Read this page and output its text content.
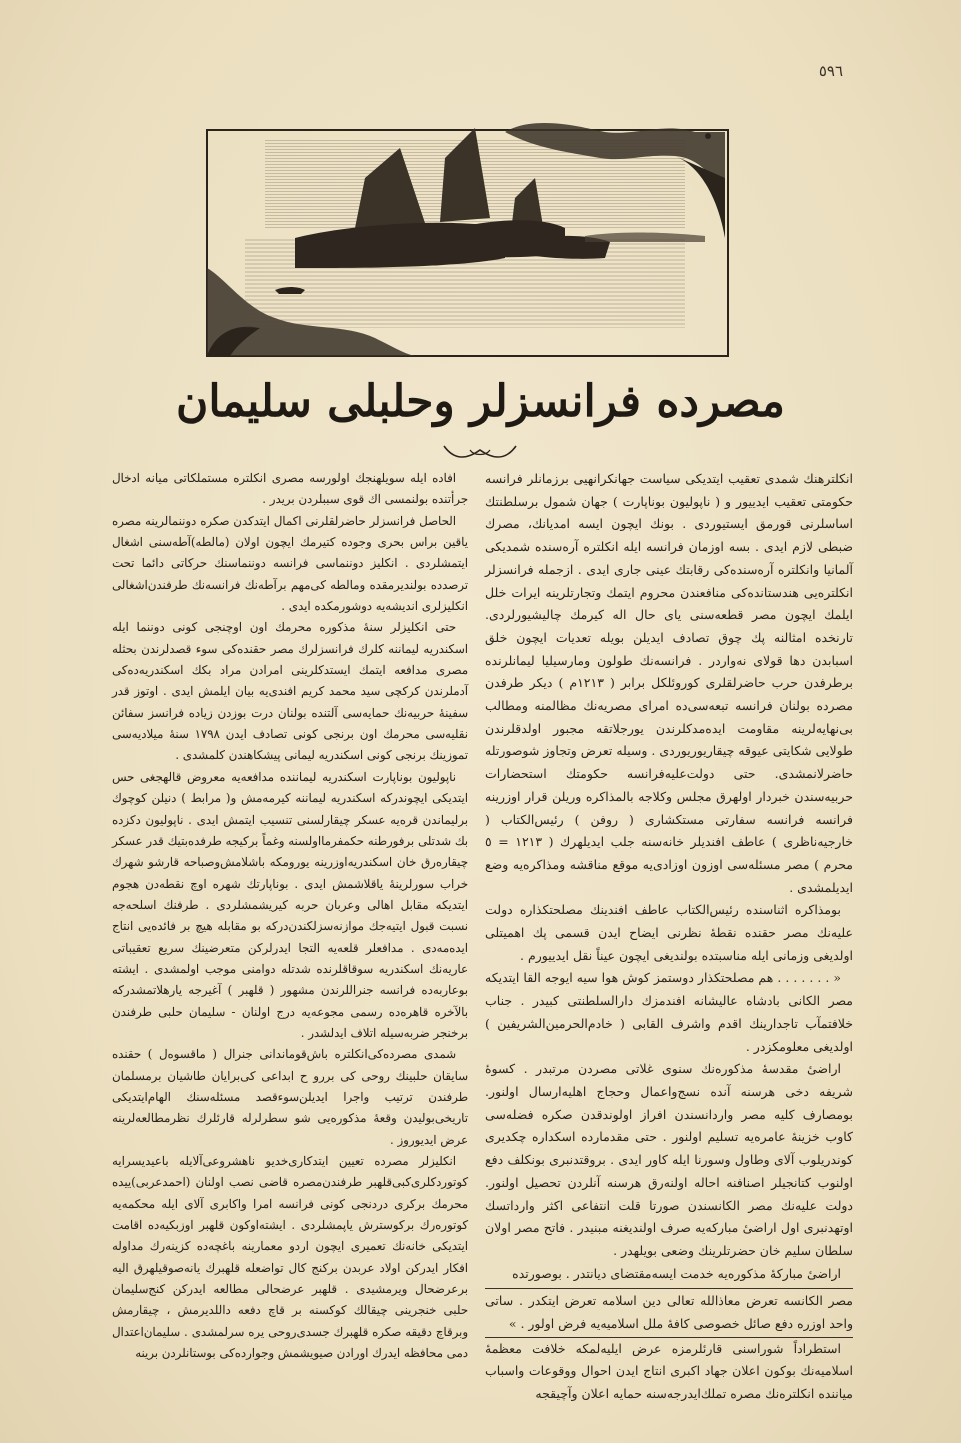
٥٩٦
مصرده فرانسزلر وحلبلی سلیمان

انکلترهنك شمدی تعقیب ایتدیکی سیاست جهانکرانهیی برزمانلر فرانسه حکومتی تعقیب ایدییور و ( ناپولیون بوناپارت ) جهان شمول برسلطنتك اساسلرنی قورمق ایستیوردی . بونك ایچون ایسه امدیانك، مصرك ضبطی لازم ایدی . بسه اوزمان فرانسه ایله انکلتره آره‌سنده شمدیکی آلمانیا وانکلتره آره‌سنده‌کی رقابتك عینی جاری ایدی . ازجمله فرانسزلر انکلتره‌یی هندستانده‌کی منافعندن محروم ایتمك وتجارتلرینه ایرات خلل ایلمك ایچون مصر قطعه‌سنی یای حال اله کیرمك چالیشیورلردی. تارنخده امثالنه پك چوق تصادف ایدیلن بویله تعدیات ایچون خلق اسبابدن دها قولای نه‌واردر . فرانسه‌نك طولون ومارسیلیا لیمانلرنده برطرفدن حرب حاضرلقلری کوروئلکل برابر ( ١٢١٣م ) دیکر طرفدن مصرده بولنان فرانسه تبعه‌سی‌ده امرای مصریه‌نك مظالمنه ومطالب بی‌نهایه‌لرینه مقاومت ایده‌مدکلرندن یورجلاتقه مجبور اولدقلرندن طولایی شکایتی عیوقه چیقاریوریوردی . وسیله تعرض وتجاوز شوصورتله حاضرلانمشدی. حتی دولت‌علیه‌فرانسه حکومتك استحضارات حربیه‌سندن خبردار اولهرق مجلس وکلاجه بالمذاکره وریلن قرار اوزرینه فرانسه فرانسه سفارتی مستکشاری ( روفن ) رئیس‌الکتاب ( خارجیه‌ناظری ) عاطف افندیلر خانه‌سنه جلب ایدیلهرك ( ١٢١٣ = ٥ محرم ) مصر مسئله‌سی اوزون اوزادی‌یه موقع مناقشه ومذاکره‌یه وضع ایدیلمشدی .

بومذاکره اثناسنده رئیس‌الکتاب عاطف افندینك مصلحتکذاره دولت علیه‌نك مصر حقنده نقطهٔ نظرنی ایضاح ایدن قسمی پك اهمیتلی اولدیغی وزمانی ایله مناسبتده بولندیغی ایچون عیناً نقل ایدییورم .

« . . . . . . . هم مصلحتکذار دوستمز کوش هوا سیه ایوجه القا ایتدیکه مصر الکانی بادشاه عالیشانه افندمزك دارالسلطنتی کبیدر . جناب خلافتمآب تاجدارینك اقدم واشرف القابی ( خادم‌الحرمین‌الشریفین ) اولدیغی معلومکزدر .

اراضیٔ مقدسهٔ مذکوره‌نك سنوی غلاتی مصردن مرتبدر . کسوهٔ شریفه دخی هرسنه آنده نسج‌واعمال وحجاج اهلیه‌ارسال اولنور. بومصارف کلیه مصر واردانسندن افراز اولوندقدن صکره فضله‌سی کاوب خزینهٔ عامره‌یه تسلیم اولنور . حتی مقدمارده اسکداره چکدیری کوندریلوب آلای وطاول وسورنا ایله کاور ایدی . بروقتدنبری بونکلف دفع اولنوب کتانجیلر اصنافنه احاله اولنه‌رق هرسنه آنلردن تحصیل اولنور. دولت علیه‌نك مصر الکانسندن صورتا قلت انتفاعی اکثر وارداتسك اوتهدنبری اول اراضیٔ مبارکه‌یه صرف اولندیغنه مبنیدر . فاتح مصر اولان سلطان سلیم خان حضرتلرینك وضعی بویلهدر .

اراضیٔ مبارکهٔ مذکوره‌یه خدمت ایسه‌مقتضای دیانتدر . بوصورتده

مصر الکانسه تعرض معاذالله تعالی دین اسلامه تعرض ایتکدر . ساتی واحد اوزره دفع صائل خصوصی کافهٔ ملل اسلامیه‌یه فرض اولور . »

استطراداً شوراسنی قارئلرمزه عرض ایلیه‌لمکه خلافت معظمهٔ اسلامیه‌نك بوکون اعلان جهاد اکبری انتاج ایدن احوال ووقوعات واسباب میاننده انکلتره‌نك مصره تملك‌ایدرجه‌سنه حمایه اعلان وآچیقجه

افاده ایله سویلهنجك اولورسه مصری انکلتره مستملکاتی میانه ادخال جرأتنده بولنمسی اك قوی سببلردن بریدر .

الحاصل فرانسزلر حاضرلقلرنی اکمال ایتدکدن صکره دوننمالرینه مصره یاقین براس بحری وجوده کتیرمك ایچون اولان (مالطه)آطه‌سنی اشغال ایتمشلردی . انکلیز دوننماسی فرانسه دوننماسنك حرکاتی دائما تحت ترصدده بولندیرمقده ومالطه کی‌مهم برآطه‌نك فرانسه‌نك طرفندن‌اشغالی انکلیزلری اندیشه‌یه دوشورمکده ایدی .

حتی انکلیزلر سنهٔ مذکوره محرمك اون اوچنجی کونی دوننما ایله اسکندریه لیماننه کلرك فرانسزلرك مصر حقنده‌کی سوء قصدلرندن بحثله مصری مدافعه ایتمك ایستدکلرینی امرادن مراد بکك اسکندریه‌ده‌کی آدملرندن کرکچی سید محمد کریم افندی‌یه بیان ایلمش ایدی . اوتوز قدر سفینهٔ حربیه‌نك حمایه‌سی آلتنده بولنان درت بوزدن زیاده فرانسز سفائن نقلیه‌سی محرمك اون برنجی کونی تصادف ایدن ١٧٩٨ سنهٔ میلادیه‌سی تموزینك برنجی کونی اسکندریه لیمانی پیشکاهندن کلمشدی .

ناپولیون بوناپارت اسکندریه لیماننده مدافعه‌یه معروض قالهجغی حس ایتدیکی ایچوندرکه اسکندریه لیماننه کیرمه‌مش و( مرابط ) دنیلن کوچوك برلیماندن قره‌یه عسکر چیقارلسنی تنسیب ایتمش ایدی . ناپولیون دکزده بك شدتلی برفورطنه حکمفرمااولسنه وغماً برکیجه طرفده‌بتیك قدر عسکر چیقاره‌رق خان اسکندریه‌اوزرینه یورومکه باشلامش‌وصباحه قارشو شهرك خراب سورلرینهٔ یاقلاشمش ایدی . بوناپارتك شهره اوچ نقطه‌دن هجوم ایتدیکه مقابل اهالی وعربان حربه کیریشمشلردی . طرفنك اسلحه‌جه نسبت قبول ایتیه‌جك موازنه‌سزلکندن‌درکه بو مقابله هیچ بر فائده‌یی انتاج ایده‌مه‌دی . مدافعلر قلعه‌یه التجا ایدرلرکن متعرضینك سریع تعقیباتی عاریه‌نك اسکندریه سوقاقلرنده شدتله دوامنی موجب اولمشدی . ایشته بوعاربه‌ده فرانسه جنراللرندن مشهور ( قلهبر ) آغیرجه یارهلاتمشدرکه بالآخره قاهره‌ده رسمی مجوعه‌یه درج اولنان - سلیمان حلبی طرفندن برخنجر ضربه‌سیله اتلاف ایدلشدر .

شمدی مصرده‌کی‌انکلتره باش‌قوماندانی جنرال ( ماقسوه‌ل ) حقنده سایقان حلبینك روحی کی بررو ح ابداعی کی‌برایان طاشیان برمسلمان طرفندن ترتیب واجرا ایدیلن‌سوءقصد مسئله‌سنك الهام‌ایتدیکی تاریخی‌بولیدن وقعهٔ مذکوره‌یی شو سطرلرله قارئلرك نظرمطالعه‌لرینه عرض ایدیوروز .

انکلیزلر مصرده تعیین ایتدکاری‌خدیو ناهشروعی‌آلایله باعیدیسرایه کوتوردکلری‌کبی‌قلهبر طرفندن‌مصره قاضی نصب اولنان (احمدعربی)ییده محرمك برکری دردنجی کونی فرانسه امرا واکابری آلای ایله محکمه‌یه کوتوره‌رك برکوسترش یاپمشلردی . ایشته‌اوکون قلهبر اوزبکیه‌ده اقامت ایتدیکی خانه‌نك تعمیری ایچون اردو معمارینه باغچه‌ده کزینه‌رك مداوله افکار ایدرکن اولاد عربدن برکنج کال تواضعله قلهبرك یانه‌صوقیلهرق الیه برعرضحال ویرمشیدی . قلهبر عرضحالی مطالعه ایدرکن کنج‌سلیمان حلبی خنجرینی چیقالك کوکسنه بر قاچ دفعه داللدیرمش ، چیقارمش وبرقاچ دقیقه صکره قلهبرك جسدی‌روحی یره سرلمشدی . سلیمان‌اعتدال دمی محافظه ایدرك اورادن صیویشمش وجوارده‌کی بوستانلردن برینه
